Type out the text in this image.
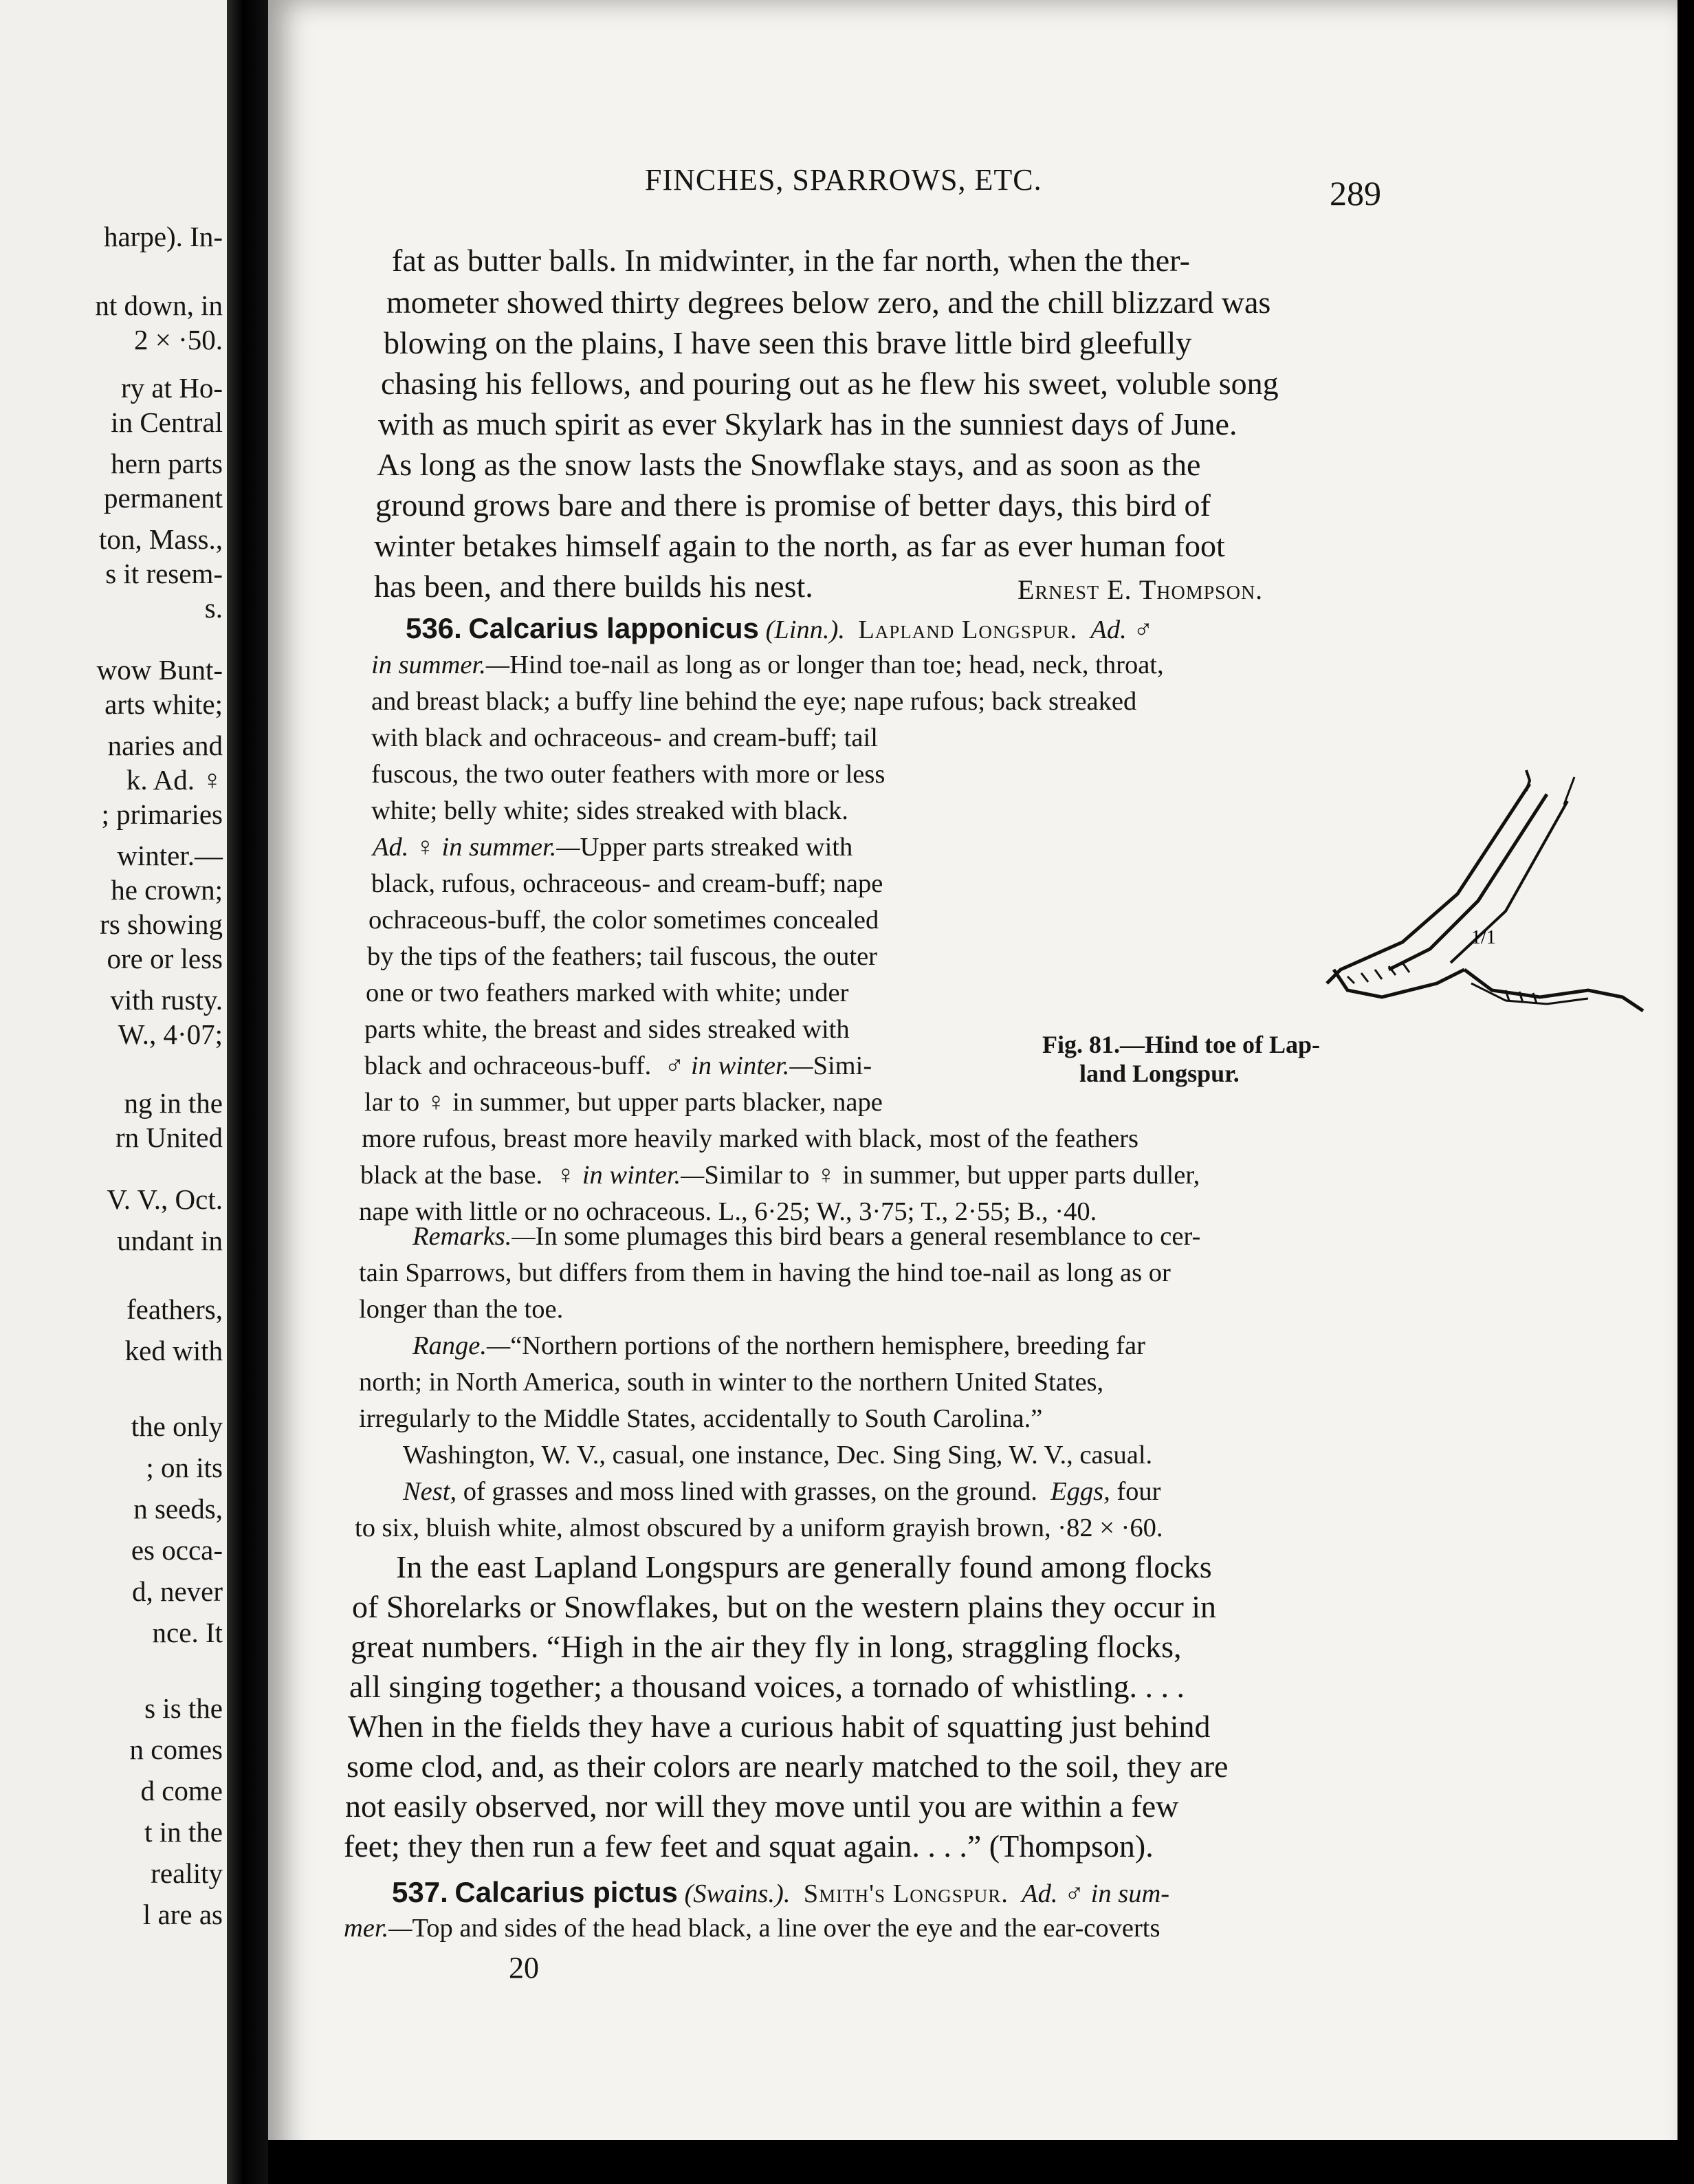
harpe). In-
nt down, in
2 × ·50.
ry at Ho-
in Central
hern parts
permanent
ton, Mass.,
s it resem-
s.
wow Bunt-
arts white;
naries and
k. Ad. ♀
; primaries
winter.—
he crown;
rs showing
ore or less
vith rusty.
W., 4·07;
ng in the
rn United
V. V., Oct.
undant in
feathers,
ked with
the only
; on its
n seeds,
es occa-
d, never
nce. It
s is the
n comes
d come
t in the
reality
l are as
FINCHES, SPARROWS, ETC.	289
fat as butter balls. In midwinter, in the far north, when the ther-
mometer showed thirty degrees below zero, and the chill blizzard was
blowing on the plains, I have seen this brave little bird gleefully
chasing his fellows, and pouring out as he flew his sweet, voluble song
with as much spirit as ever Skylark has in the sunniest days of June.
As long as the snow lasts the Snowflake stays, and as soon as the
ground grows bare and there is promise of better days, this bird of
winter betakes himself again to the north, as far as ever human foot
has been, and there builds his nest.	Ernest E. Thompson.
536. Calcarius lapponicus (Linn.). Lapland Longspur. Ad. ♂
in summer.—Hind toe-nail as long as or longer than toe; head, neck, throat,
and breast black; a buffy line behind the eye; nape rufous; back streaked
with black and ochraceous- and cream-buff; tail
fuscous, the two outer feathers with more or less
white; belly white; sides streaked with black.
Ad. ♀ in summer.—Upper parts streaked with
black, rufous, ochraceous- and cream-buff; nape
ochraceous-buff, the color sometimes concealed
by the tips of the feathers; tail fuscous, the outer
one or two feathers marked with white; under
parts white, the breast and sides streaked with
black and ochraceous-buff. ♂ in winter.—Simi-
lar to ♀ in summer, but upper parts blacker, nape
more rufous, breast more heavily marked with black, most of the feathers
black at the base. ♀ in winter.—Similar to ♀ in summer, but upper parts duller,
nape with little or no ochraceous. L., 6·25; W., 3·75; T., 2·55; B., ·40.
Remarks.—In some plumages this bird bears a general resemblance to cer-
tain Sparrows, but differs from them in having the hind toe-nail as long as or
longer than the toe.
Range.—“Northern portions of the northern hemisphere, breeding far
north; in North America, south in winter to the northern United States,
irregularly to the Middle States, accidentally to South Carolina.”
Washington, W. V., casual, one instance, Dec. Sing Sing, W. V., casual.
Nest, of grasses and moss lined with grasses, on the ground. Eggs, four
to six, bluish white, almost obscured by a uniform grayish brown, ·82 × ·60.
1/1
Fig. 81.—Hind toe of Lap-
land Longspur.
In the east Lapland Longspurs are generally found among flocks
of Shorelarks or Snowflakes, but on the western plains they occur in
great numbers. “High in the air they fly in long, straggling flocks,
all singing together; a thousand voices, a tornado of whistling. . . .
When in the fields they have a curious habit of squatting just behind
some clod, and, as their colors are nearly matched to the soil, they are
not easily observed, nor will they move until you are within a few
feet; they then run a few feet and squat again. . . .” (Thompson).
537. Calcarius pictus (Swains.). Smith's Longspur. Ad. ♂ in sum-
mer.—Top and sides of the head black, a line over the eye and the ear-coverts
20
